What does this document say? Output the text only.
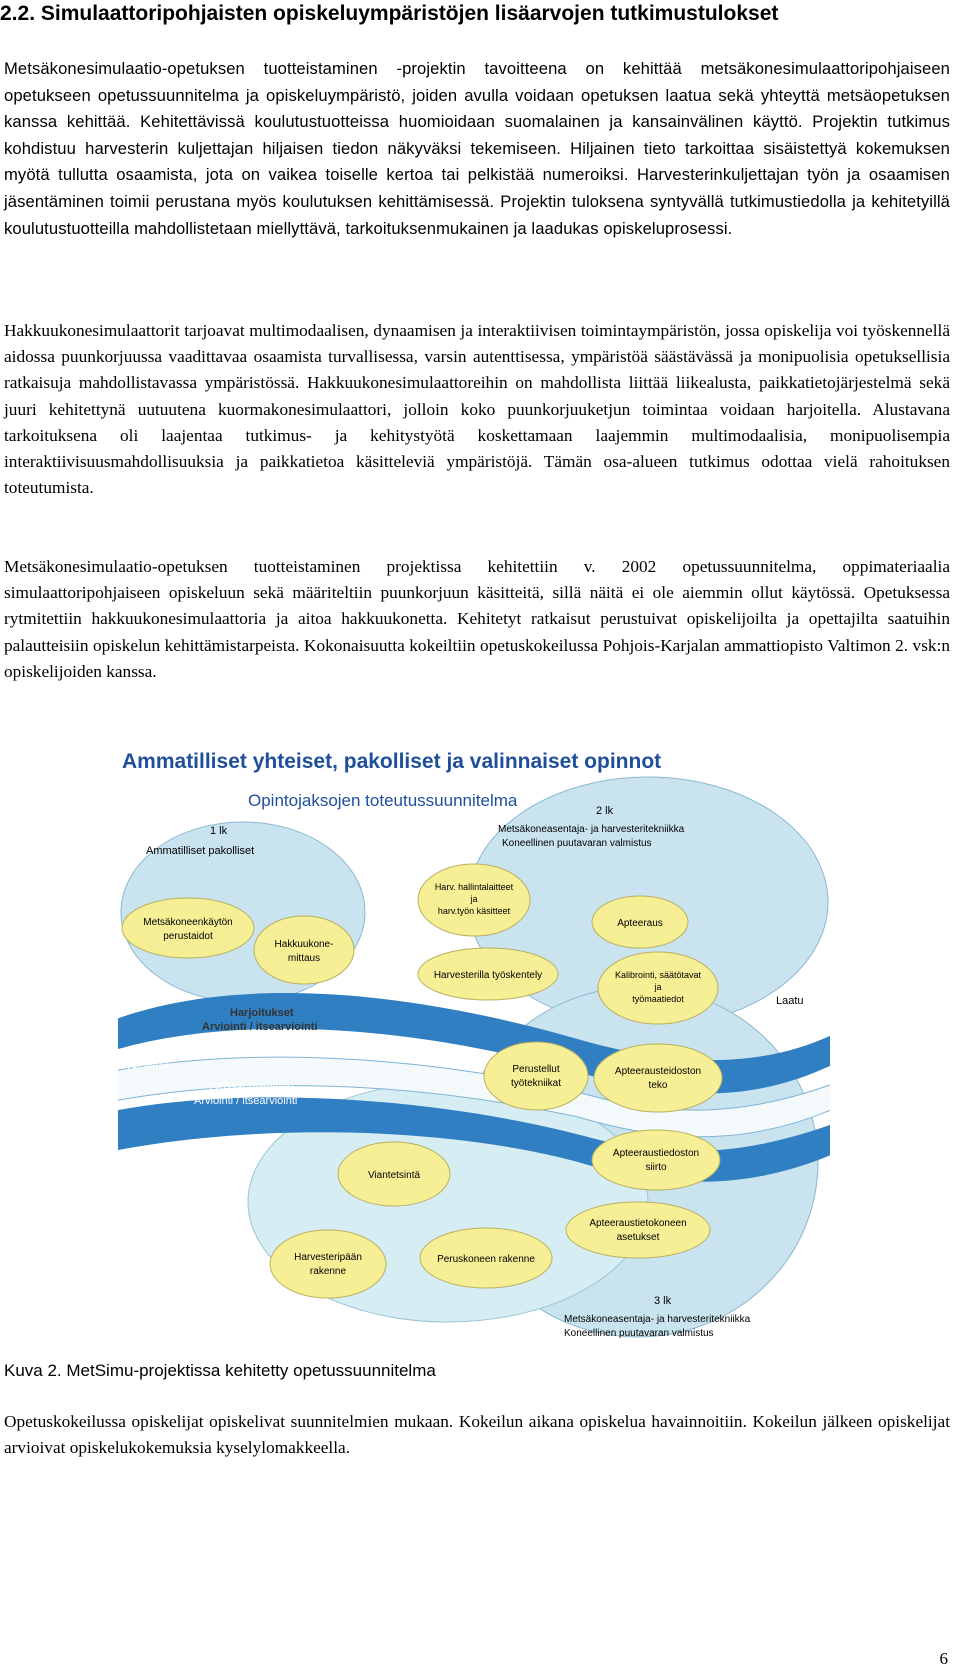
2.2. Simulaattoripohjaisten opiskeluympäristöjen lisäarvojen tutkimustulokset

Metsäkonesimulaatio-opetuksen tuotteistaminen -projektin tavoitteena on kehittää metsäkonesimulaattoripohjaiseen opetukseen opetussuunnitelma ja opiskeluympäristö, joiden avulla voidaan opetuksen laatua sekä yhteyttä metsäopetuksen kanssa kehittää. Kehitettävissä koulutustuotteissa huomioidaan suomalainen ja kansainvälinen käyttö. Projektin tutkimus kohdistuu harvesterin kuljettajan hiljaisen tiedon näkyväksi tekemiseen. Hiljainen tieto tarkoittaa sisäistettyä kokemuksen myötä tullutta osaamista, jota on vaikea toiselle kertoa tai pelkistää numeroiksi. Harvesterinkuljettajan työn ja osaamisen jäsentäminen toimii perustana myös koulutuksen kehittämisessä. Projektin tuloksena syntyvällä tutkimustiedolla ja kehitetyillä koulutustuotteilla mahdollistetaan miellyttävä, tarkoituksenmukainen ja laadukas opiskeluprosessi.

Hakkuukonesimulaattorit tarjoavat multimodaalisen, dynaamisen ja interaktiivisen toimintaympäristön, jossa opiskelija voi työskennellä aidossa puunkorjuussa vaadittavaa osaamista turvallisessa, varsin autenttisessa, ympäristöä säästävässä ja monipuolisia opetuksellisia ratkaisuja mahdollistavassa ympäristössä. Hakkuukonesimulaattoreihin on mahdollista liittää liikealusta, paikkatietojärjestelmä sekä juuri kehitettynä uutuutena kuormakonesimulaattori, jolloin koko puunkorjuuketjun toimintaa voidaan harjoitella. Alustavana tarkoituksena oli laajentaa tutkimus- ja kehitystyötä koskettamaan laajemmin multimodaalisia, monipuolisempia interaktiivisuusmahdollisuuksia ja paikkatietoa käsitteleviä ympäristöjä. Tämän osa-alueen tutkimus odottaa vielä rahoituksen toteutumista.

Metsäkonesimulaatio-opetuksen tuotteistaminen projektissa kehitettiin v. 2002 opetussuunnitelma, oppimateriaalia simulaattoripohjaiseen opiskeluun sekä määriteltiin puunkorjuun käsitteitä, sillä näitä ei ole aiemmin ollut käytössä. Opetuksessa rytmitettiin hakkuukonesimulaattoria ja aitoa hakkuukonetta. Kehitetyt ratkaisut perustuivat opiskelijoilta ja opettajilta saatuihin palautteisiin opiskelun kehittämistarpeista. Kokonaisuutta kokeiltiin opetuskokeilussa Pohjois-Karjalan ammattiopisto Valtimon 2. vsk:n opiskelijoiden kanssa.

Ammatilliset yhteiset, pakolliset ja valinnaiset opinnot
Opintojaksojen toteutussuunnitelma
1 lk
Ammatilliset pakolliset
2 lk
Metsäkoneasentaja- ja harvesteritekniikka
Koneellinen puutavaran valmistus
3 lk
Metsäkoneasentaja- ja harvesteritekniikka
Koneellinen puutavaran valmistus
Työelämä
Laatu
Harjoitukset
Arviointi / itsearviointi
Työssäoppiminen
Arviointi / itsearviointi
Metsäkoneenkäytön
perustaidot
Hakkuukone-
mittaus
Harv. hallintalaitteet
ja
harv.työn käsitteet
Harvesterilla työskentely
Apteeraus
Kalibrointi, säätötavat
ja
työmaatiedot
Perustellut
työtekniikat
Apteerausteidoston
teko
Apteeraustiedoston
siirto
Apteeraustietokoneen
asetukset
Viantetsintä
Harvesteripään
rakenne
Peruskoneen rakenne
Kuva 2. MetSimu-projektissa kehitetty opetussuunnitelma

Opetuskokeilussa opiskelijat opiskelivat suunnitelmien mukaan. Kokeilun aikana opiskelua havainnoitiin. Kokeilun jälkeen opiskelijat arvioivat opiskelukokemuksia kyselylomakkeella.

6
